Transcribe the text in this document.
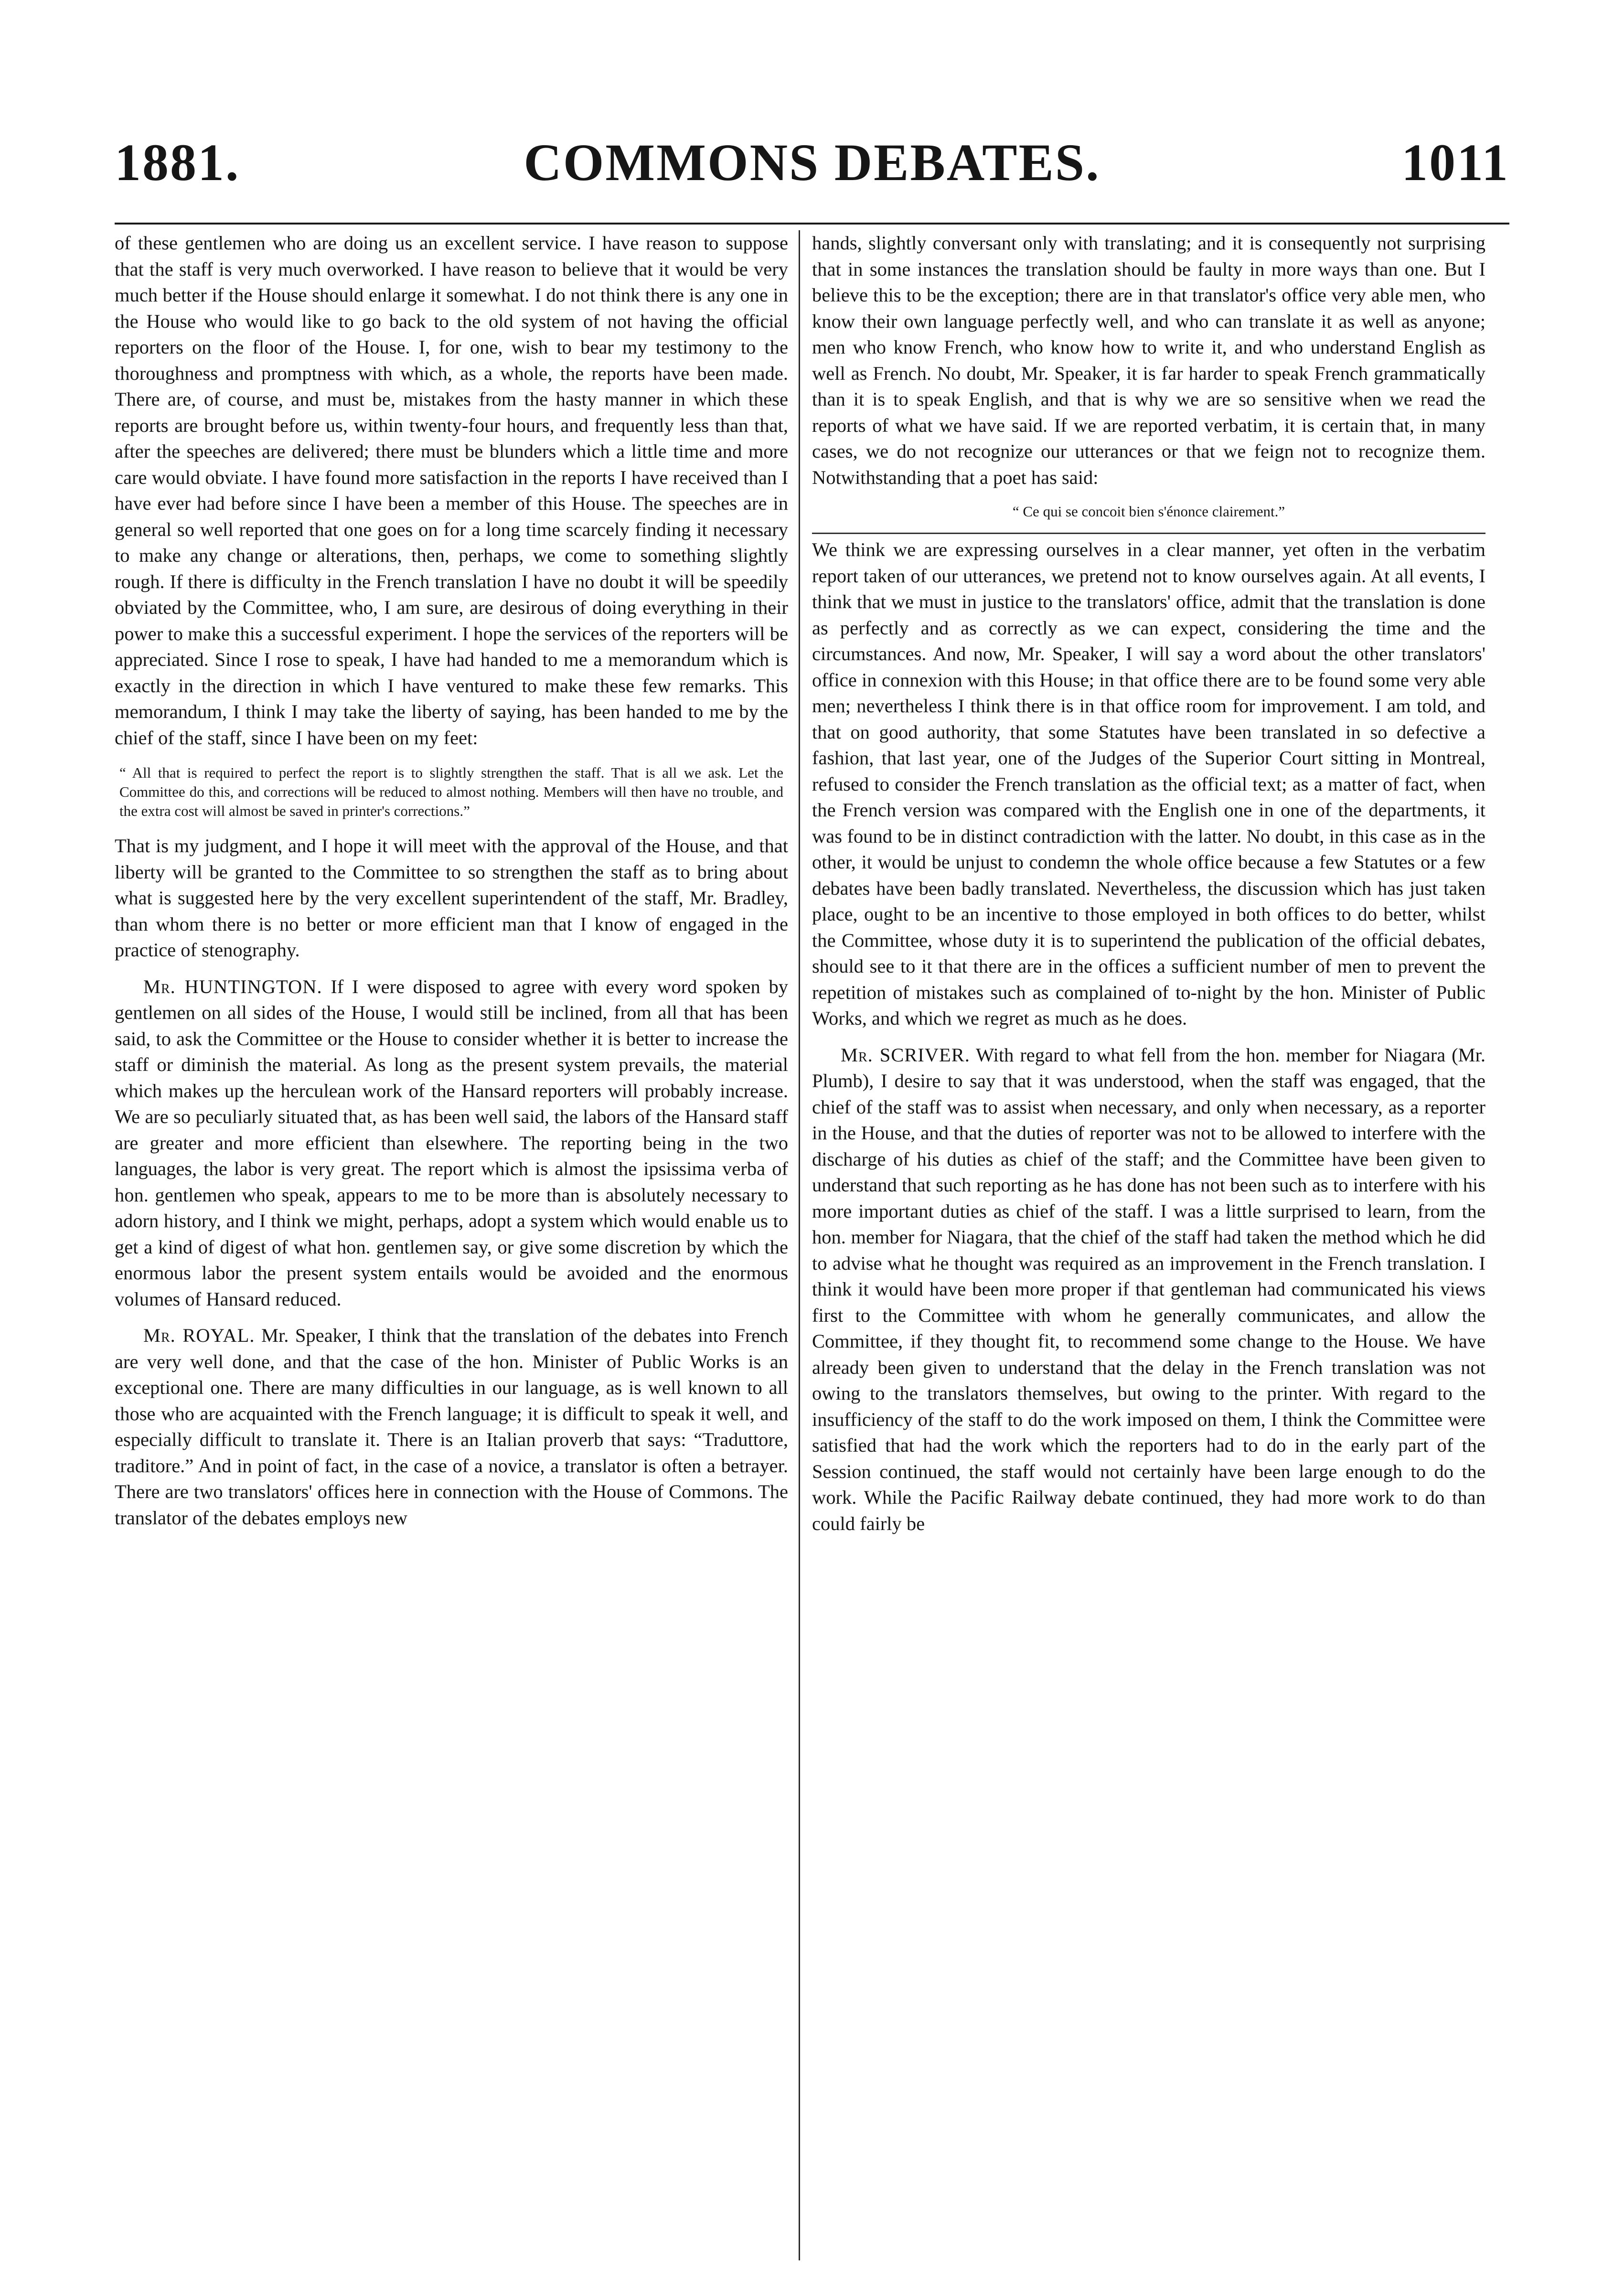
1881.	COMMONS DEBATES.	1011

of these gentlemen who are doing us an excellent service. I have reason to suppose that the staff is very much overworked. I have reason to believe that it would be very much better if the House should enlarge it somewhat. I do not think there is any one in the House who would like to go back to the old system of not having the official reporters on the floor of the House. I, for one, wish to bear my testimony to the thoroughness and promptness with which, as a whole, the reports have been made. There are, of course, and must be, mistakes from the hasty manner in which these reports are brought before us, within twenty-four hours, and frequently less than that, after the speeches are delivered; there must be blunders which a little time and more care would obviate. I have found more satisfaction in the reports I have received than I have ever had before since I have been a member of this House. The speeches are in general so well reported that one goes on for a long time scarcely finding it necessary to make any change or alterations, then, perhaps, we come to something slightly rough. If there is difficulty in the French translation I have no doubt it will be speedily obviated by the Committee, who, I am sure, are desirous of doing everything in their power to make this a successful experiment. I hope the services of the reporters will be appreciated. Since I rose to speak, I have had handed to me a memorandum which is exactly in the direction in which I have ventured to make these few remarks. This memorandum, I think I may take the liberty of saying, has been handed to me by the chief of the staff, since I have been on my feet:

“ All that is required to perfect the report is to slightly strengthen the staff. That is all we ask. Let the Committee do this, and corrections will be reduced to almost nothing. Members will then have no trouble, and the extra cost will almost be saved in printer's corrections.”

That is my judgment, and I hope it will meet with the approval of the House, and that liberty will be granted to the Committee to so strengthen the staff as to bring about what is suggested here by the very excellent superintendent of the staff, Mr. Bradley, than whom there is no better or more efficient man that I know of engaged in the practice of stenography.

Mr. HUNTINGTON. If I were disposed to agree with every word spoken by gentlemen on all sides of the House, I would still be inclined, from all that has been said, to ask the Committee or the House to consider whether it is better to increase the staff or diminish the material. As long as the present system prevails, the material which makes up the herculean work of the Hansard reporters will probably increase. We are so peculiarly situated that, as has been well said, the labors of the Hansard staff are greater and more efficient than elsewhere. The reporting being in the two languages, the labor is very great. The report which is almost the ipsissima verba of hon. gentlemen who speak, appears to me to be more than is absolutely necessary to adorn history, and I think we might, perhaps, adopt a system which would enable us to get a kind of digest of what hon. gentlemen say, or give some discretion by which the enormous labor the present system entails would be avoided and the enormous volumes of Hansard reduced.

Mr. ROYAL. Mr. Speaker, I think that the translation of the debates into French are very well done, and that the case of the hon. Minister of Public Works is an exceptional one. There are many difficulties in our language, as is well known to all those who are acquainted with the French language; it is difficult to speak it well, and especially difficult to translate it. There is an Italian proverb that says: “Traduttore, traditore.” And in point of fact, in the case of a novice, a translator is often a betrayer. There are two translators' offices here in connection with the House of Commons. The translator of the debates employs new

hands, slightly conversant only with translating; and it is consequently not surprising that in some instances the translation should be faulty in more ways than one. But I believe this to be the exception; there are in that translator's office very able men, who know their own language perfectly well, and who can translate it as well as anyone; men who know French, who know how to write it, and who understand English as well as French. No doubt, Mr. Speaker, it is far harder to speak French grammatically than it is to speak English, and that is why we are so sensitive when we read the reports of what we have said. If we are reported verbatim, it is certain that, in many cases, we do not recognize our utterances or that we feign not to recognize them. Notwithstanding that a poet has said:

“ Ce qui se concoit bien s'énonce clairement.”

We think we are expressing ourselves in a clear manner, yet often in the verbatim report taken of our utterances, we pretend not to know ourselves again. At all events, I think that we must in justice to the translators' office, admit that the translation is done as perfectly and as correctly as we can expect, considering the time and the circumstances. And now, Mr. Speaker, I will say a word about the other translators' office in connexion with this House; in that office there are to be found some very able men; nevertheless I think there is in that office room for improvement. I am told, and that on good authority, that some Statutes have been translated in so defective a fashion, that last year, one of the Judges of the Superior Court sitting in Montreal, refused to consider the French translation as the official text; as a matter of fact, when the French version was compared with the English one in one of the departments, it was found to be in distinct contradiction with the latter. No doubt, in this case as in the other, it would be unjust to condemn the whole office because a few Statutes or a few debates have been badly translated. Nevertheless, the discussion which has just taken place, ought to be an incentive to those employed in both offices to do better, whilst the Committee, whose duty it is to superintend the publication of the official debates, should see to it that there are in the offices a sufficient number of men to prevent the repetition of mistakes such as complained of to-night by the hon. Minister of Public Works, and which we regret as much as he does.

Mr. SCRIVER. With regard to what fell from the hon. member for Niagara (Mr. Plumb), I desire to say that it was understood, when the staff was engaged, that the chief of the staff was to assist when necessary, and only when necessary, as a reporter in the House, and that the duties of reporter was not to be allowed to interfere with the discharge of his duties as chief of the staff; and the Committee have been given to understand that such reporting as he has done has not been such as to interfere with his more important duties as chief of the staff. I was a little surprised to learn, from the hon. member for Niagara, that the chief of the staff had taken the method which he did to advise what he thought was required as an improvement in the French translation. I think it would have been more proper if that gentleman had communicated his views first to the Committee with whom he generally communicates, and allow the Committee, if they thought fit, to recommend some change to the House. We have already been given to understand that the delay in the French translation was not owing to the translators themselves, but owing to the printer. With regard to the insufficiency of the staff to do the work imposed on them, I think the Committee were satisfied that had the work which the reporters had to do in the early part of the Session continued, the staff would not certainly have been large enough to do the work. While the Pacific Railway debate continued, they had more work to do than could fairly be
